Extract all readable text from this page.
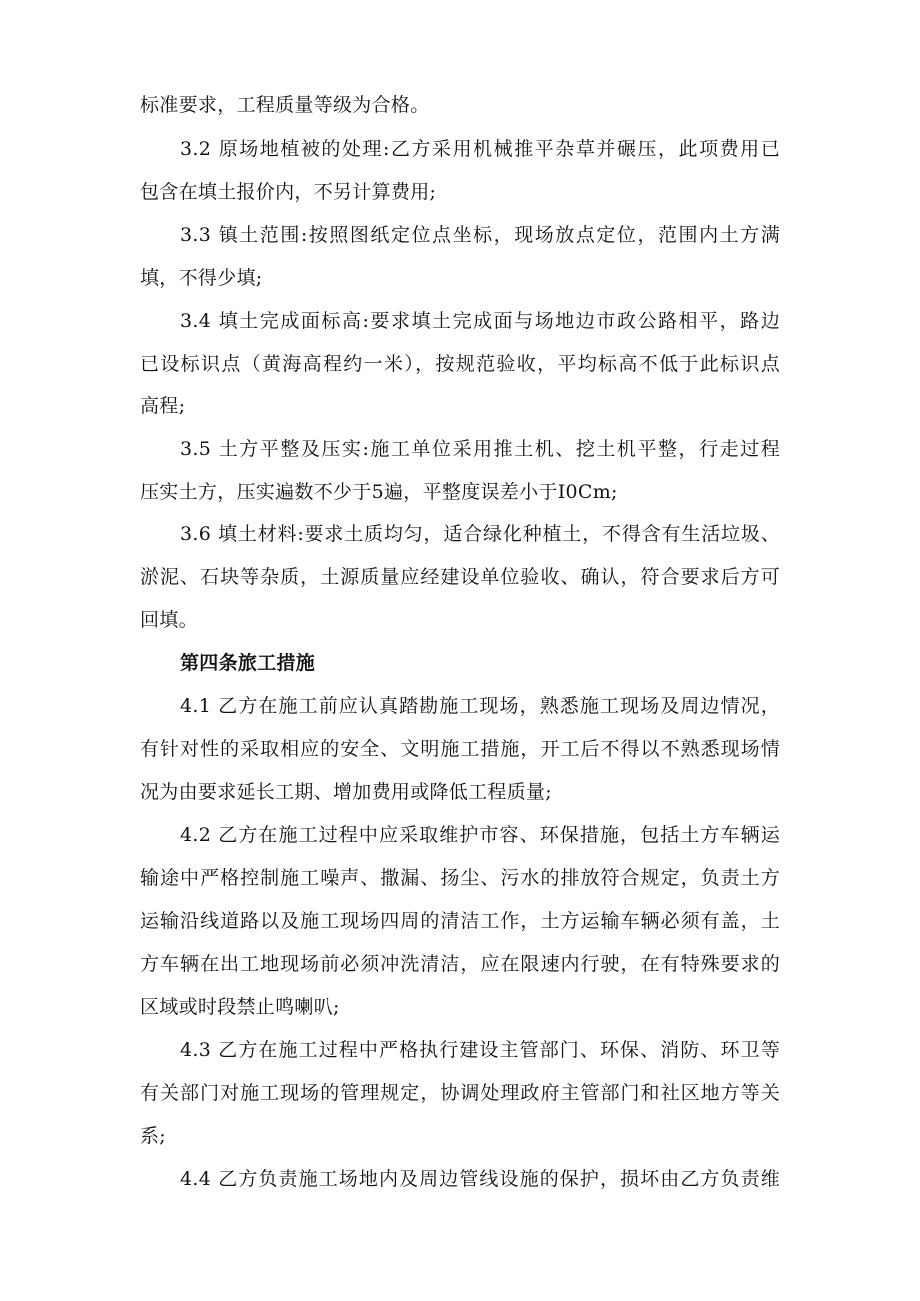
标准要求，工程质量等级为合格。
3.2 原场地植被的处理:乙方采用机械推平杂草并碾压，此项费用已
包含在填土报价内，不另计算费用;
3.3 镇土范围:按照图纸定位点坐标，现场放点定位，范围内土方满
填，不得少填;
3.4 填土完成面标高:要求填土完成面与场地边市政公路相平，路边
已设标识点（黄海高程约一米），按规范验收，平均标高不低于此标识点
高程;
3.5 土方平整及压实:施工单位采用推土机、挖土机平整，行走过程
压实土方，压实遍数不少于5遍，平整度误差小于I0Cm;
3.6 填土材料:要求土质均匀，适合绿化种植土，不得含有生活垃圾、
淤泥、石块等杂质，土源质量应经建设单位验收、确认，符合要求后方可
回填。
第四条旅工措施
4.1 乙方在施工前应认真踏勘施工现场，熟悉施工现场及周边情况，
有针对性的采取相应的安全、文明施工措施，开工后不得以不熟悉现场情
况为由要求延长工期、增加费用或降低工程质量;
4.2 乙方在施工过程中应采取维护市容、环保措施，包括土方车辆运
输途中严格控制施工噪声、撒漏、扬尘、污水的排放符合规定，负责土方
运输沿线道路以及施工现场四周的清洁工作，土方运输车辆必须有盖，土
方车辆在出工地现场前必须冲洗清洁，应在限速内行驶，在有特殊要求的
区域或时段禁止鸣喇叭;
4.3 乙方在施工过程中严格执行建设主管部门、环保、消防、环卫等
有关部门对施工现场的管理规定，协调处理政府主管部门和社区地方等关
系;
4.4 乙方负责施工场地内及周边管线设施的保护，损坏由乙方负责维
